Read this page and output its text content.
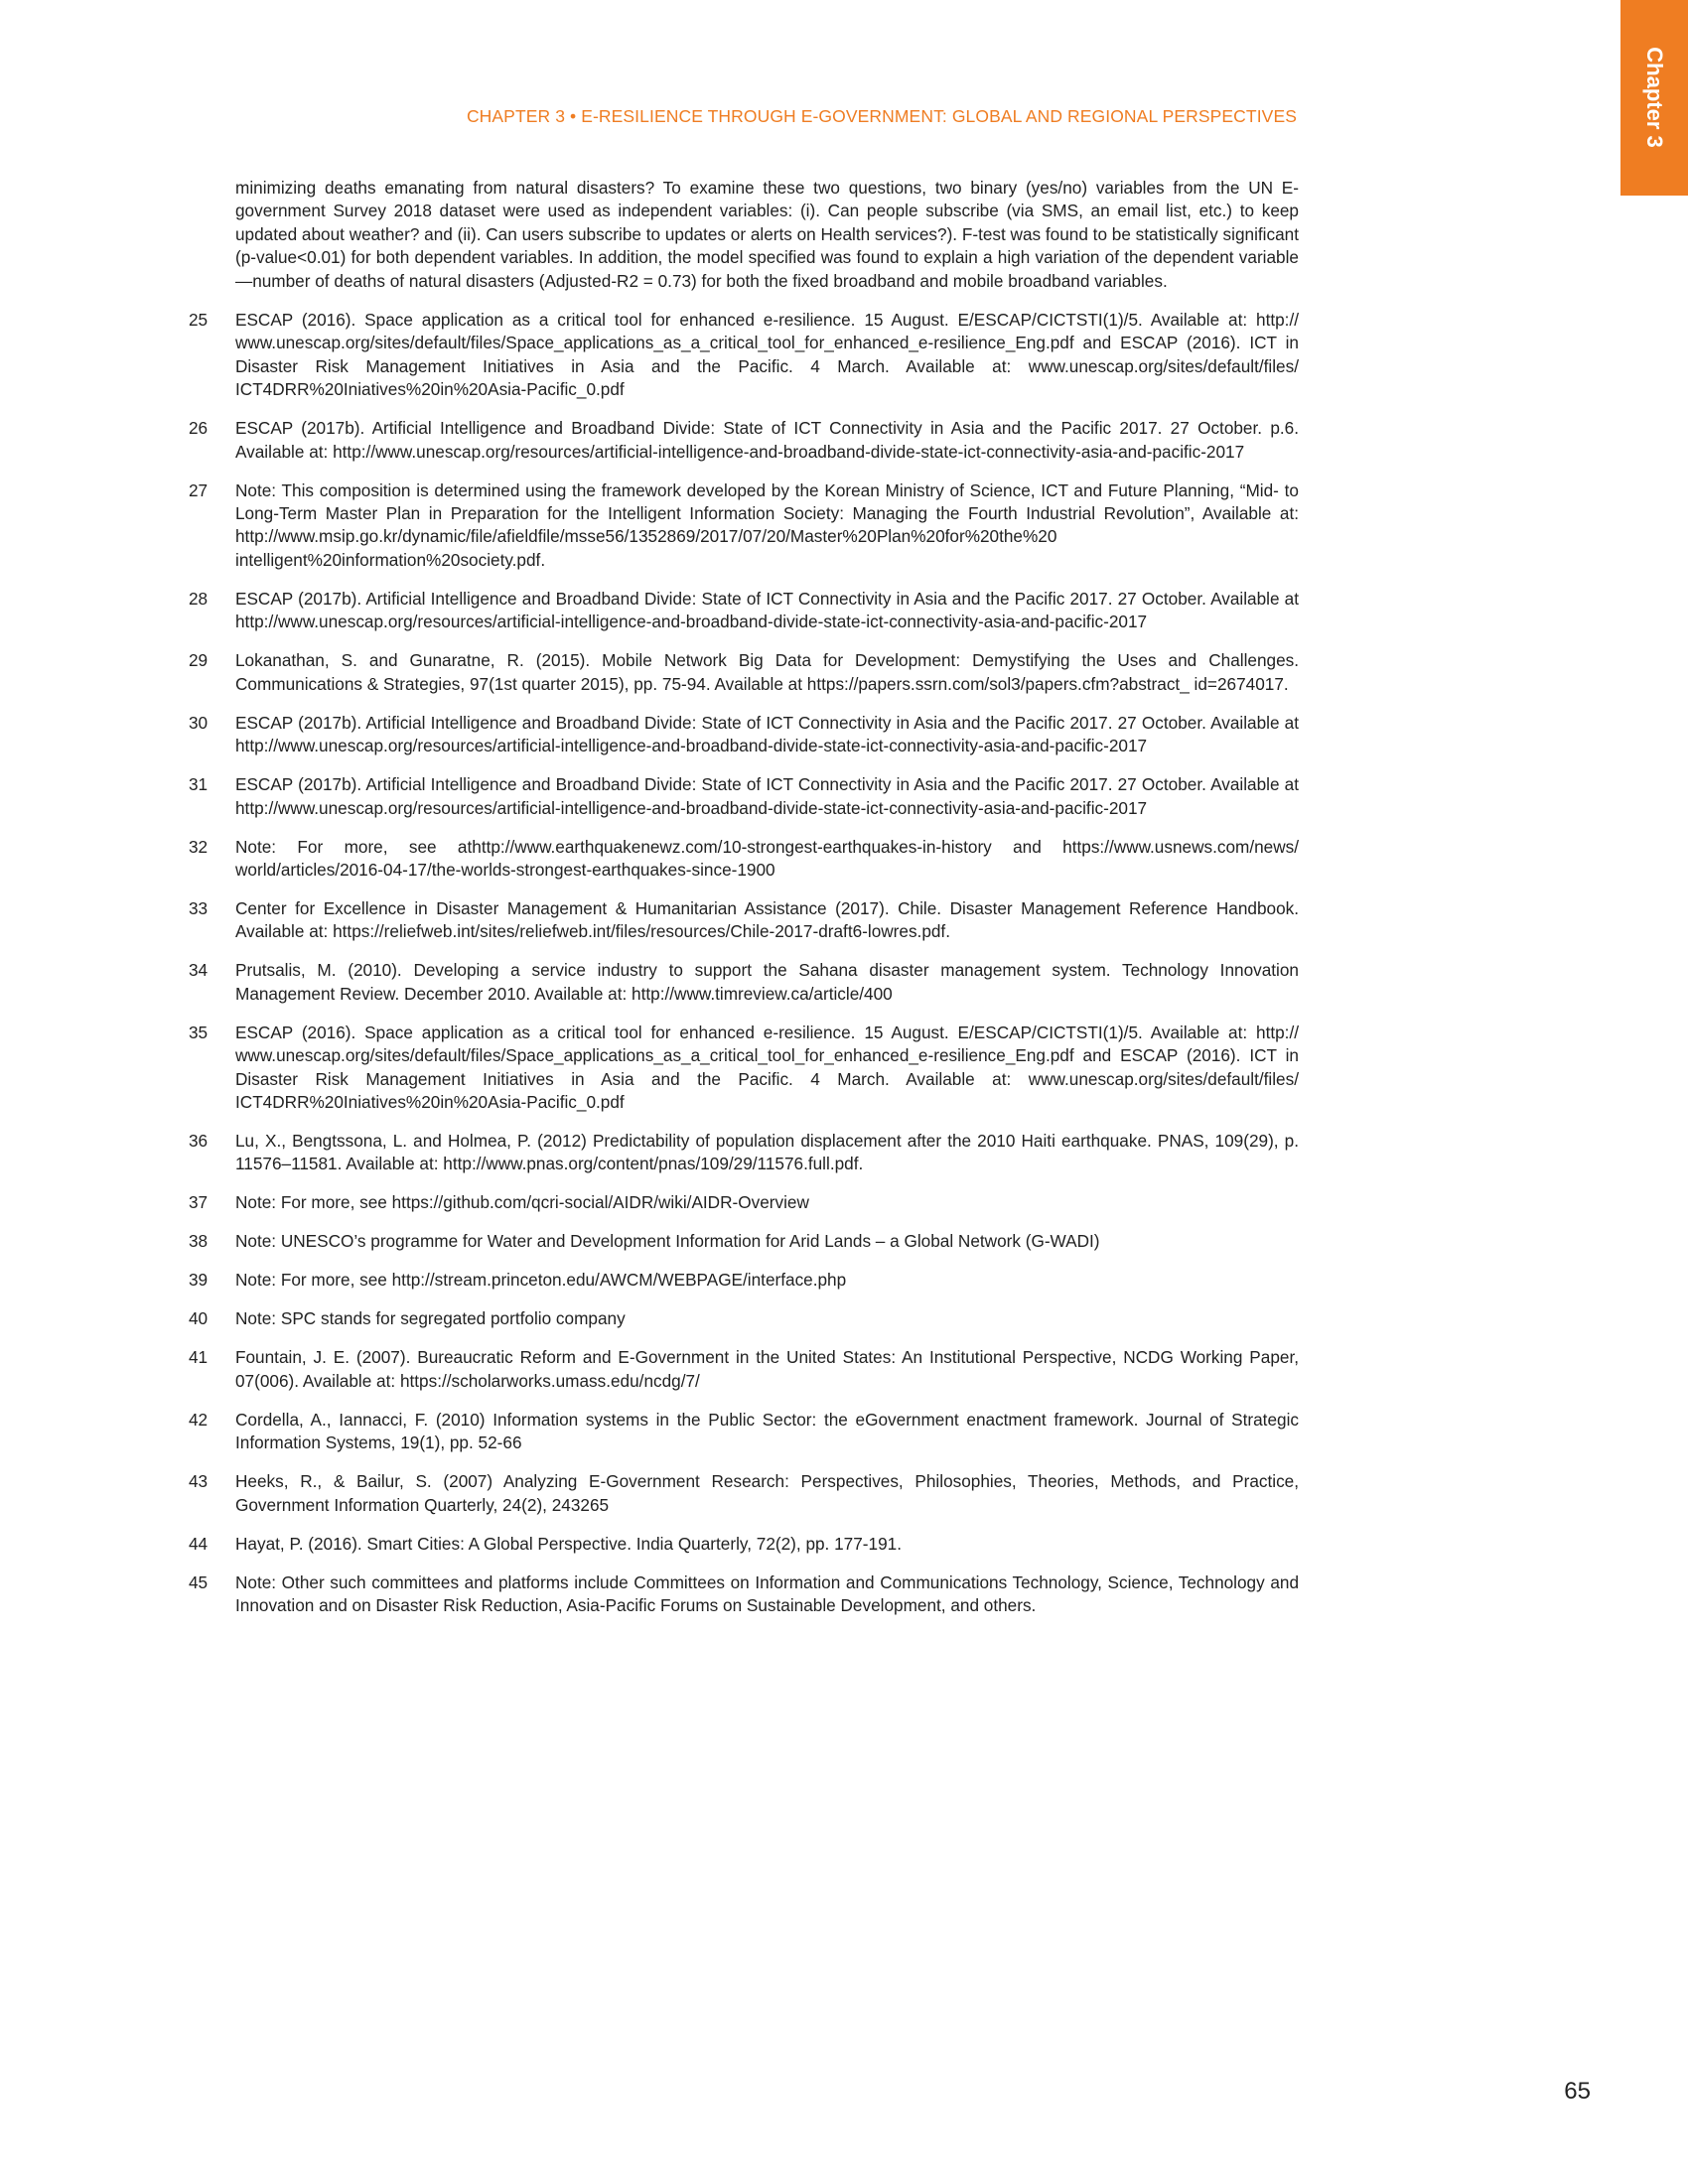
Chapter 3
CHAPTER 3 • E-RESILIENCE THROUGH E-GOVERNMENT: GLOBAL AND REGIONAL PERSPECTIVES

minimizing deaths emanating from natural disasters? To examine these two questions, two binary (yes/no) variables from the UN E-government Survey 2018 dataset were used as independent variables: (i). Can people subscribe (via SMS, an email list, etc.) to keep updated about weather? and (ii). Can users subscribe to updates or alerts on Health services?). F-test was found to be statistically significant (p-value<0.01) for both dependent variables. In addition, the model specified was found to explain a high variation of the dependent variable—number of deaths of natural disasters (Adjusted-R2 = 0.73) for both the fixed broadband and mobile broadband variables.

25	ESCAP (2016). Space application as a critical tool for enhanced e-resilience. 15 August. E/ESCAP/CICTSTI(1)/5. Available at: http:// www.unescap.org/sites/default/files/Space_applications_as_a_critical_tool_for_enhanced_e-resilience_Eng.pdf and ESCAP (2016). ICT in Disaster Risk Management Initiatives in Asia and the Pacific. 4 March. Available at: www.unescap.org/sites/default/files/ ICT4DRR%20Iniatives%20in%20Asia-Pacific_0.pdf
26	ESCAP (2017b). Artificial Intelligence and Broadband Divide: State of ICT Connectivity in Asia and the Pacific 2017. 27 October. p.6. Available at: http://www.unescap.org/resources/artificial-intelligence-and-broadband-divide-state-ict-connectivity-asia-and-pacific-2017
27	Note: This composition is determined using the framework developed by the Korean Ministry of Science, ICT and Future Planning, “Mid- to Long-Term Master Plan in Preparation for the Intelligent Information Society: Managing the Fourth Industrial Revolution”, Available at: http://www.msip.go.kr/dynamic/file/afieldfile/msse56/1352869/2017/07/20/Master%20Plan%20for%20the%20 intelligent%20information%20society.pdf.
28	ESCAP (2017b). Artificial Intelligence and Broadband Divide: State of ICT Connectivity in Asia and the Pacific 2017. 27 October. Available at http://www.unescap.org/resources/artificial-intelligence-and-broadband-divide-state-ict-connectivity-asia-and-pacific-2017
29	Lokanathan, S. and Gunaratne, R. (2015). Mobile Network Big Data for Development: Demystifying the Uses and Challenges. Communications & Strategies, 97(1st quarter 2015), pp. 75-94. Available at https://papers.ssrn.com/sol3/papers.cfm?abstract_ id=2674017.
30	ESCAP (2017b). Artificial Intelligence and Broadband Divide: State of ICT Connectivity in Asia and the Pacific 2017. 27 October. Available at http://www.unescap.org/resources/artificial-intelligence-and-broadband-divide-state-ict-connectivity-asia-and-pacific-2017
31	ESCAP (2017b). Artificial Intelligence and Broadband Divide: State of ICT Connectivity in Asia and the Pacific 2017. 27 October. Available at http://www.unescap.org/resources/artificial-intelligence-and-broadband-divide-state-ict-connectivity-asia-and-pacific-2017
32	Note: For more, see athttp://www.earthquakenewz.com/10-strongest-earthquakes-in-history and https://www.usnews.com/news/ world/articles/2016-04-17/the-worlds-strongest-earthquakes-since-1900
33	Center for Excellence in Disaster Management & Humanitarian Assistance (2017). Chile. Disaster Management Reference Handbook. Available at: https://reliefweb.int/sites/reliefweb.int/files/resources/Chile-2017-draft6-lowres.pdf.
34	Prutsalis, M. (2010). Developing a service industry to support the Sahana disaster management system. Technology Innovation Management Review. December 2010. Available at: http://www.timreview.ca/article/400
35	ESCAP (2016). Space application as a critical tool for enhanced e-resilience. 15 August. E/ESCAP/CICTSTI(1)/5. Available at: http:// www.unescap.org/sites/default/files/Space_applications_as_a_critical_tool_for_enhanced_e-resilience_Eng.pdf and ESCAP (2016). ICT in Disaster Risk Management Initiatives in Asia and the Pacific. 4 March. Available at: www.unescap.org/sites/default/files/ ICT4DRR%20Iniatives%20in%20Asia-Pacific_0.pdf
36	Lu, X., Bengtssona, L. and Holmea, P. (2012) Predictability of population displacement after the 2010 Haiti earthquake. PNAS, 109(29), p. 11576–11581. Available at: http://www.pnas.org/content/pnas/109/29/11576.full.pdf.
37	Note: For more, see https://github.com/qcri-social/AIDR/wiki/AIDR-Overview
38	Note: UNESCO’s programme for Water and Development Information for Arid Lands – a Global Network (G-WADI)
39	Note: For more, see http://stream.princeton.edu/AWCM/WEBPAGE/interface.php
40	Note: SPC stands for segregated portfolio company
41	Fountain, J. E. (2007). Bureaucratic Reform and E-Government in the United States: An Institutional Perspective, NCDG Working Paper, 07(006). Available at: https://scholarworks.umass.edu/ncdg/7/
42	Cordella, A., Iannacci, F. (2010) Information systems in the Public Sector: the eGovernment enactment framework. Journal of Strategic Information Systems, 19(1), pp. 52-66
43	Heeks, R., & Bailur, S. (2007) Analyzing E-Government Research: Perspectives, Philosophies, Theories, Methods, and Practice, Government Information Quarterly, 24(2), 243265
44	Hayat, P. (2016). Smart Cities: A Global Perspective. India Quarterly, 72(2), pp. 177-191.
45	Note: Other such committees and platforms include Committees on Information and Communications Technology, Science, Technology and Innovation and on Disaster Risk Reduction, Asia-Pacific Forums on Sustainable Development, and others.
65
